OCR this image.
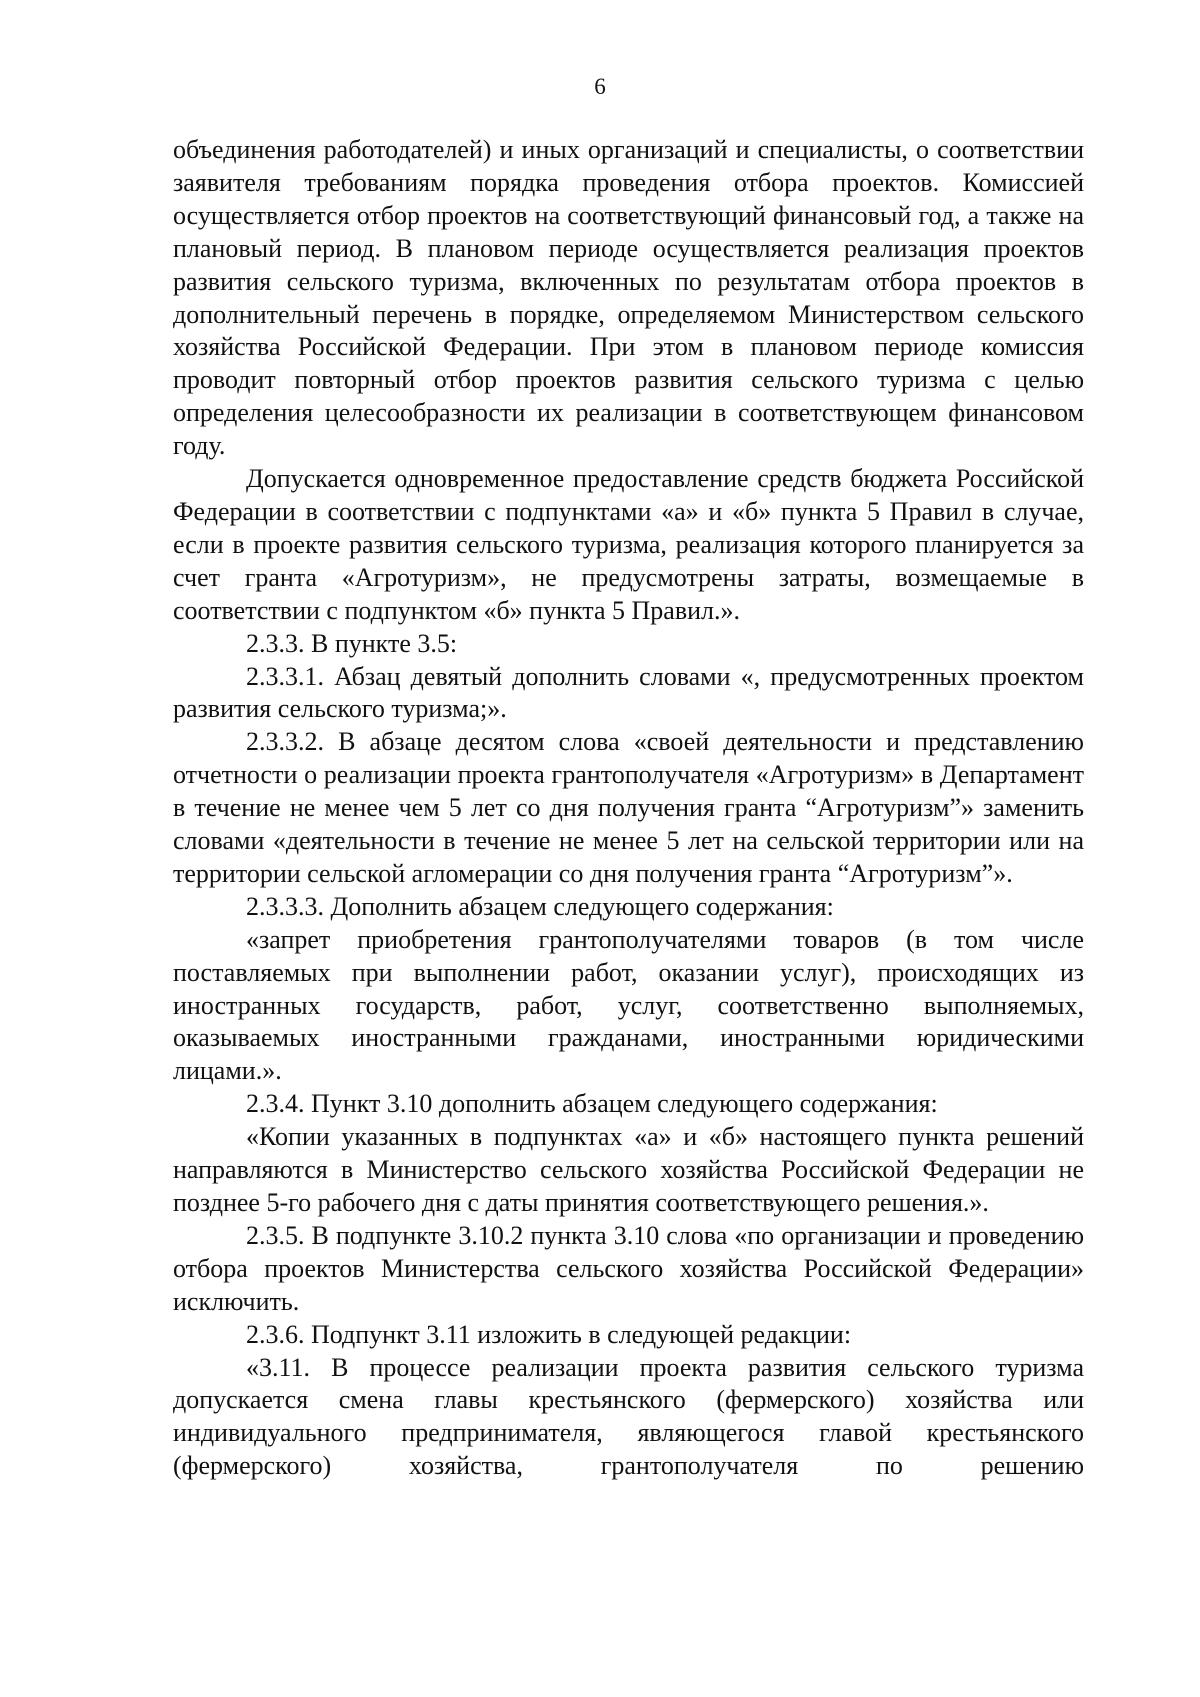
6

объединения работодателей) и иных организаций и специалисты, о соответствии заявителя требованиям порядка проведения отбора проектов. Комиссией осуществляется отбор проектов на соответствующий финансовый год, а также на плановый период. В плановом периоде осуществляется реализация проектов развития сельского туризма, включенных по результатам отбора проектов в дополнительный перечень в порядке, определяемом Министерством сельского хозяйства Российской Федерации. При этом в плановом периоде комиссия проводит повторный отбор проектов развития сельского туризма с целью определения целесообразности их реализации в соответствующем финансовом году.

Допускается одновременное предоставление средств бюджета Российской Федерации в соответствии с подпунктами «а» и «б» пункта 5 Правил в случае, если в проекте развития сельского туризма, реализация которого планируется за счет гранта «Агротуризм», не предусмотрены затраты, возмещаемые в соответствии с подпунктом «б» пункта 5 Правил.».

2.3.3. В пункте 3.5:

2.3.3.1. Абзац девятый дополнить словами «, предусмотренных проектом развития сельского туризма;».

2.3.3.2. В абзаце десятом слова «своей деятельности и представлению отчетности о реализации проекта грантополучателя «Агротуризм» в Департамент в течение не менее чем 5 лет со дня получения гранта “Агротуризм”» заменить словами «деятельности в течение не менее 5 лет на сельской территории или на территории сельской агломерации со дня получения гранта “Агротуризм”».

2.3.3.3. Дополнить абзацем следующего содержания:

«запрет приобретения грантополучателями товаров (в том числе поставляемых при выполнении работ, оказании услуг), происходящих из иностранных государств, работ, услуг, соответственно выполняемых, оказываемых иностранными гражданами, иностранными юридическими лицами.».

2.3.4. Пункт 3.10 дополнить абзацем следующего содержания:

«Копии указанных в подпунктах «а» и «б» настоящего пункта решений направляются в Министерство сельского хозяйства Российской Федерации не позднее 5-го рабочего дня с даты принятия соответствующего решения.».

2.3.5. В подпункте 3.10.2 пункта 3.10 слова «по организации и проведению отбора проектов Министерства сельского хозяйства Российской Федерации» исключить.

2.3.6. Подпункт 3.11 изложить в следующей редакции:

«3.11. В процессе реализации проекта развития сельского туризма допускается смена главы крестьянского (фермерского) хозяйства или индивидуального предпринимателя, являющегося главой крестьянского (фермерского) хозяйства, грантополучателя по решению
